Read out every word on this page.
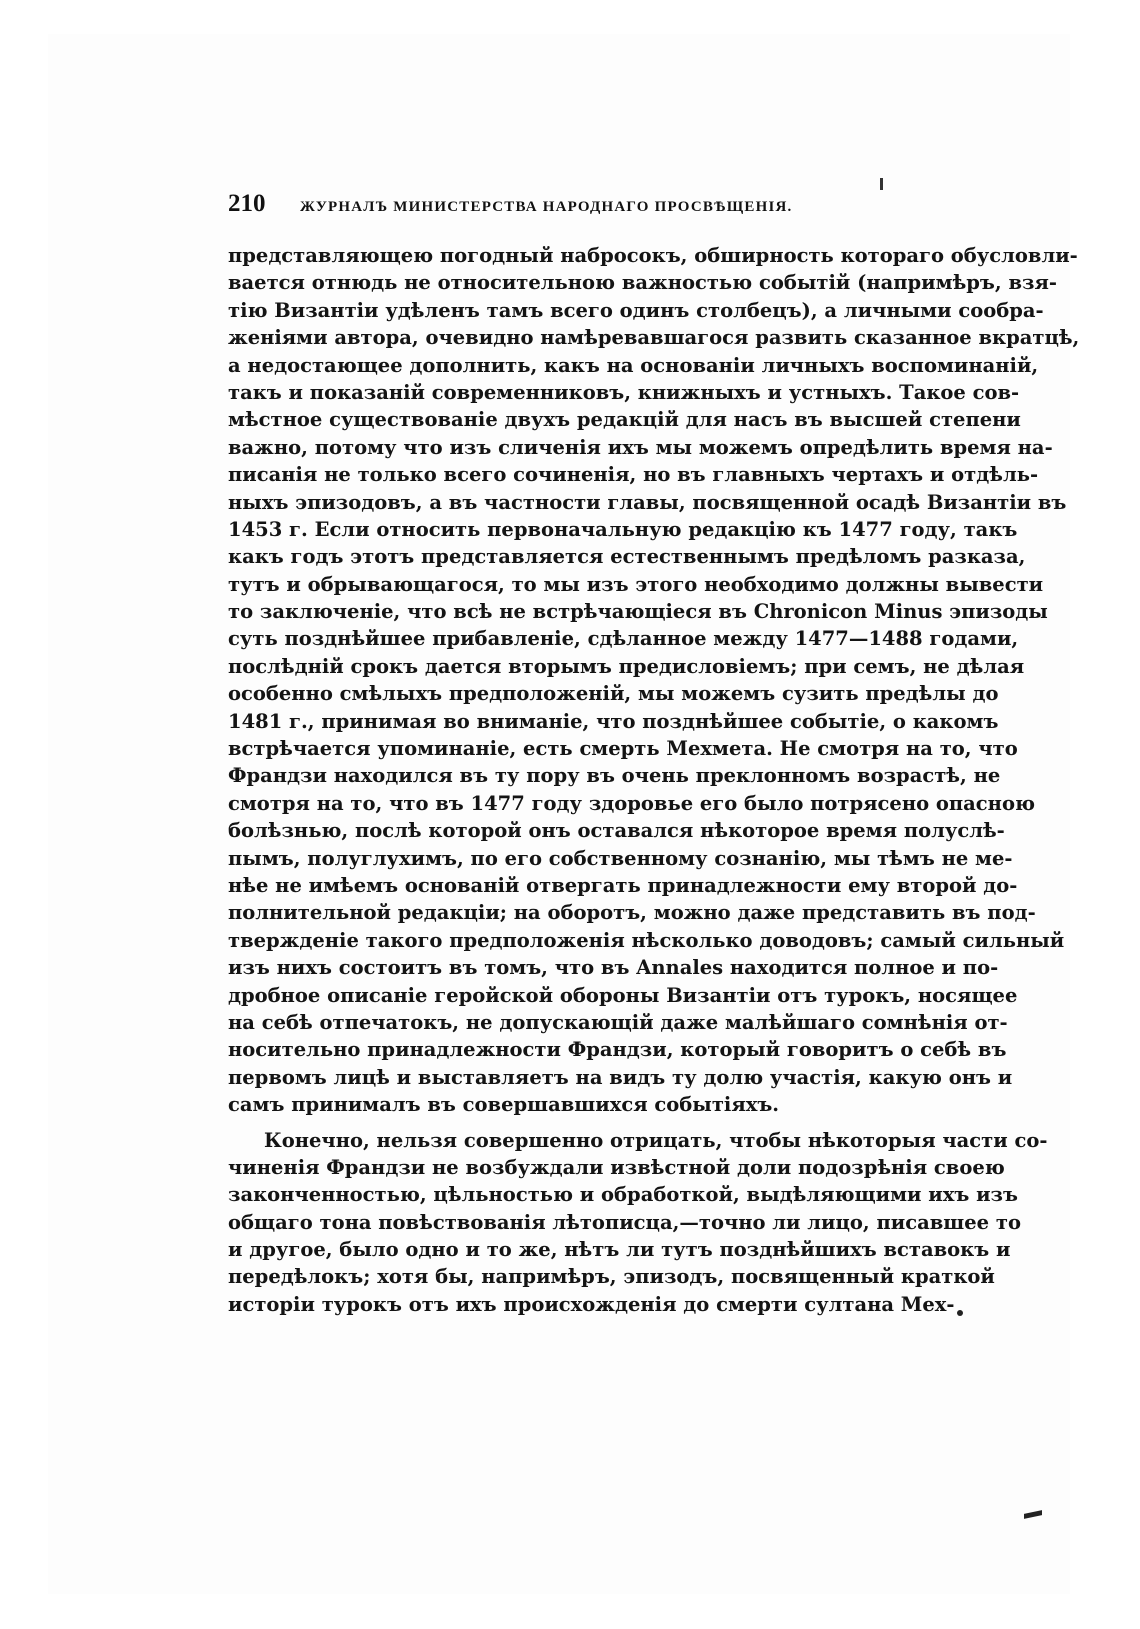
210 ЖУРНАЛЪ МИНИСТЕРСТВА НАРОДНАГО ПРОСВѢЩЕНІЯ.
представляющею погодный набросокъ, обширность котораго обусловли-
вается отнюдь не относительною важностью событій (напримѣръ, взя-
тію Византіи удѣленъ тамъ всего одинъ столбецъ), а личными сообра-
женіями автора, очевидно намѣревавшагося развить сказанное вкратцѣ,
а недостающее дополнить, какъ на основаніи личныхъ воспоминаній,
такъ и показаній современниковъ, книжныхъ и устныхъ. Такое сов-
мѣстное существованіе двухъ редакцій для насъ въ высшей степени
важно, потому что изъ сличенія ихъ мы можемъ опредѣлить время на-
писанія не только всего сочиненія, но въ главныхъ чертахъ и отдѣль-
ныхъ эпизодовъ, а въ частности главы, посвященной осадѣ Византіи въ
1453 г. Если относить первоначальную редакцію къ 1477 году, такъ
какъ годъ этотъ представляется естественнымъ предѣломъ разказа,
тутъ и обрывающагося, то мы изъ этого необходимо должны вывести
то заключеніе, что всѣ не встрѣчающіеся въ Chronicon Minus эпизоды
суть позднѣйшее прибавленіе, сдѣланное между 1477—1488 годами,
послѣдній срокъ дается вторымъ предисловіемъ; при семъ, не дѣлая
особенно смѣлыхъ предположеній, мы можемъ сузить предѣлы до
1481 г., принимая во вниманіе, что позднѣйшее событіе, о какомъ
встрѣчается упоминаніе, есть смерть Мехмета. Не смотря на то, что
Франдзи находился въ ту пору въ очень преклонномъ возрастѣ, не
смотря на то, что въ 1477 году здоровье его было потрясено опасною
болѣзнью, послѣ которой онъ оставался нѣкоторое время полуслѣ-
пымъ, полуглухимъ, по его собственному сознанію, мы тѣмъ не ме-
нѣе не имѣемъ основаній отвергать принадлежности ему второй до-
полнительной редакціи; на оборотъ, можно даже представить въ под-
твержденіе такого предположенія нѣсколько доводовъ; самый сильный
изъ нихъ состоитъ въ томъ, что въ Annales находится полное и по-
дробное описаніе геройской обороны Византіи отъ турокъ, носящее
на себѣ отпечатокъ, не допускающій даже малѣйшаго сомнѣнія от-
носительно принадлежности Франдзи, который говоритъ о себѣ въ
первомъ лицѣ и выставляетъ на видъ ту долю участія, какую онъ и
самъ принималъ въ совершавшихся событіяхъ.
Конечно, нельзя совершенно отрицать, чтобы нѣкоторыя части со-
чиненія Франдзи не возбуждали извѣстной доли подозрѣнія своею
законченностью, цѣльностью и обработкой, выдѣляющими ихъ изъ
общаго тона повѣствованія лѣтописца,—точно ли лицо, писавшее то
и другое, было одно и то же, нѣтъ ли тутъ позднѣйшихъ вставокъ и
передѣлокъ; хотя бы, напримѣръ, эпизодъ, посвященный краткой
исторіи турокъ отъ ихъ происхожденія до смерти султана Мех-
